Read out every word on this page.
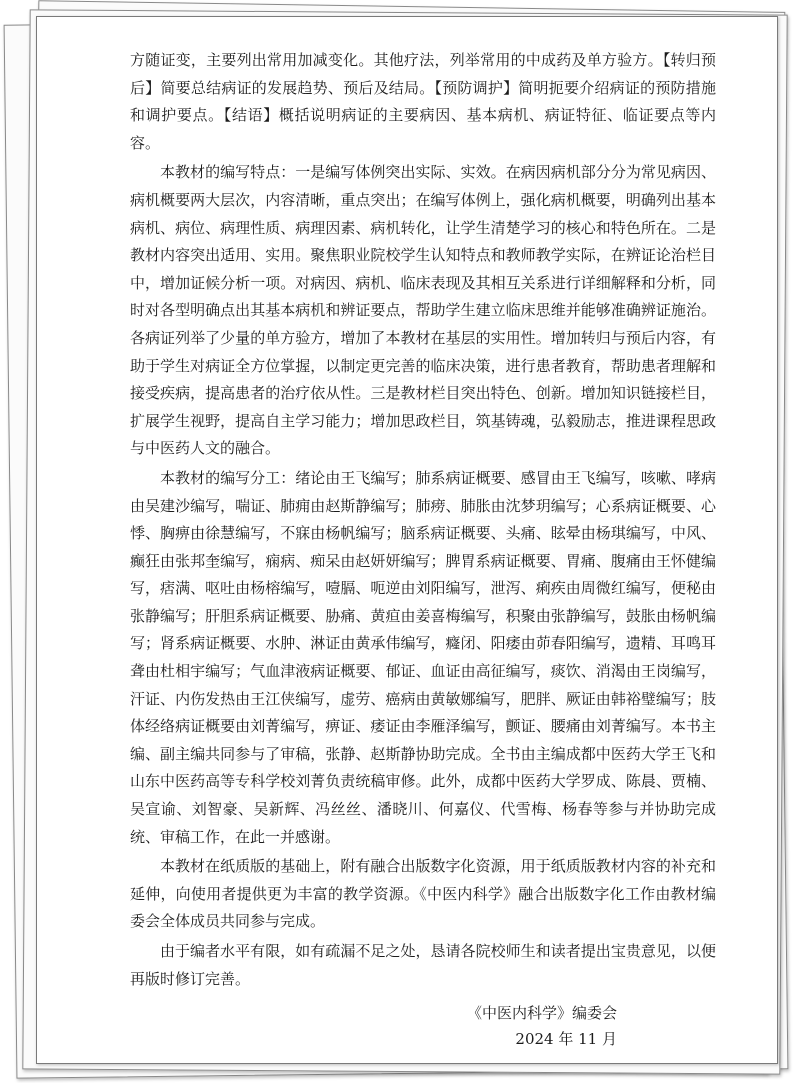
方随证变，主要列出常用加减变化。其他疗法，列举常用的中成药及单方验方。【转归预后】简要总结病证的发展趋势、预后及结局。【预防调护】简明扼要介绍病证的预防措施和调护要点。【结语】概括说明病证的主要病因、基本病机、病证特征、临证要点等内容。

本教材的编写特点：一是编写体例突出实际、实效。在病因病机部分分为常见病因、病机概要两大层次，内容清晰，重点突出；在编写体例上，强化病机概要，明确列出基本病机、病位、病理性质、病理因素、病机转化，让学生清楚学习的核心和特色所在。二是教材内容突出适用、实用。聚焦职业院校学生认知特点和教师教学实际，在辨证论治栏目中，增加证候分析一项。对病因、病机、临床表现及其相互关系进行详细解释和分析，同时对各型明确点出其基本病机和辨证要点，帮助学生建立临床思维并能够准确辨证施治。各病证列举了少量的单方验方，增加了本教材在基层的实用性。增加转归与预后内容，有助于学生对病证全方位掌握，以制定更完善的临床决策，进行患者教育，帮助患者理解和接受疾病，提高患者的治疗依从性。三是教材栏目突出特色、创新。增加知识链接栏目，扩展学生视野，提高自主学习能力；增加思政栏目，筑基铸魂，弘毅励志，推进课程思政与中医药人文的融合。

本教材的编写分工：绪论由王飞编写；肺系病证概要、感冒由王飞编写，咳嗽、哮病由吴建沙编写，喘证、肺痈由赵斯静编写；肺痨、肺胀由沈梦玥编写；心系病证概要、心悸、胸痹由徐慧编写，不寐由杨帆编写；脑系病证概要、头痛、眩晕由杨琪编写，中风、癫狂由张邦奎编写，痫病、痴呆由赵妍妍编写；脾胃系病证概要、胃痛、腹痛由王怀健编写，痞满、呕吐由杨榕编写，噎膈、呃逆由刘阳编写，泄泻、痢疾由周微红编写，便秘由张静编写；肝胆系病证概要、胁痛、黄疸由姜喜梅编写，积聚由张静编写，鼓胀由杨帆编写；肾系病证概要、水肿、淋证由黄承伟编写，癃闭、阳痿由茆春阳编写，遗精、耳鸣耳聋由杜相宇编写；气血津液病证概要、郁证、血证由高征编写，痰饮、消渴由王岗编写，汗证、内伤发热由王江侠编写，虚劳、癌病由黄敏娜编写，肥胖、厥证由韩裕璧编写；肢体经络病证概要由刘菁编写，痹证、痿证由李雁泽编写，颤证、腰痛由刘菁编写。本书主编、副主编共同参与了审稿，张静、赵斯静协助完成。全书由主编成都中医药大学王飞和山东中医药高等专科学校刘菁负责统稿审修。此外，成都中医药大学罗成、陈晨、贾楠、吴宣谕、刘智豪、吴新辉、冯丝丝、潘晓川、何嘉仪、代雪梅、杨春等参与并协助完成统、审稿工作，在此一并感谢。

本教材在纸质版的基础上，附有融合出版数字化资源，用于纸质版教材内容的补充和延伸，向使用者提供更为丰富的教学资源。《中医内科学》融合出版数字化工作由教材编委会全体成员共同参与完成。

由于编者水平有限，如有疏漏不足之处，恳请各院校师生和读者提出宝贵意见，以便再版时修订完善。

《中医内科学》编委会
2024 年 11 月
